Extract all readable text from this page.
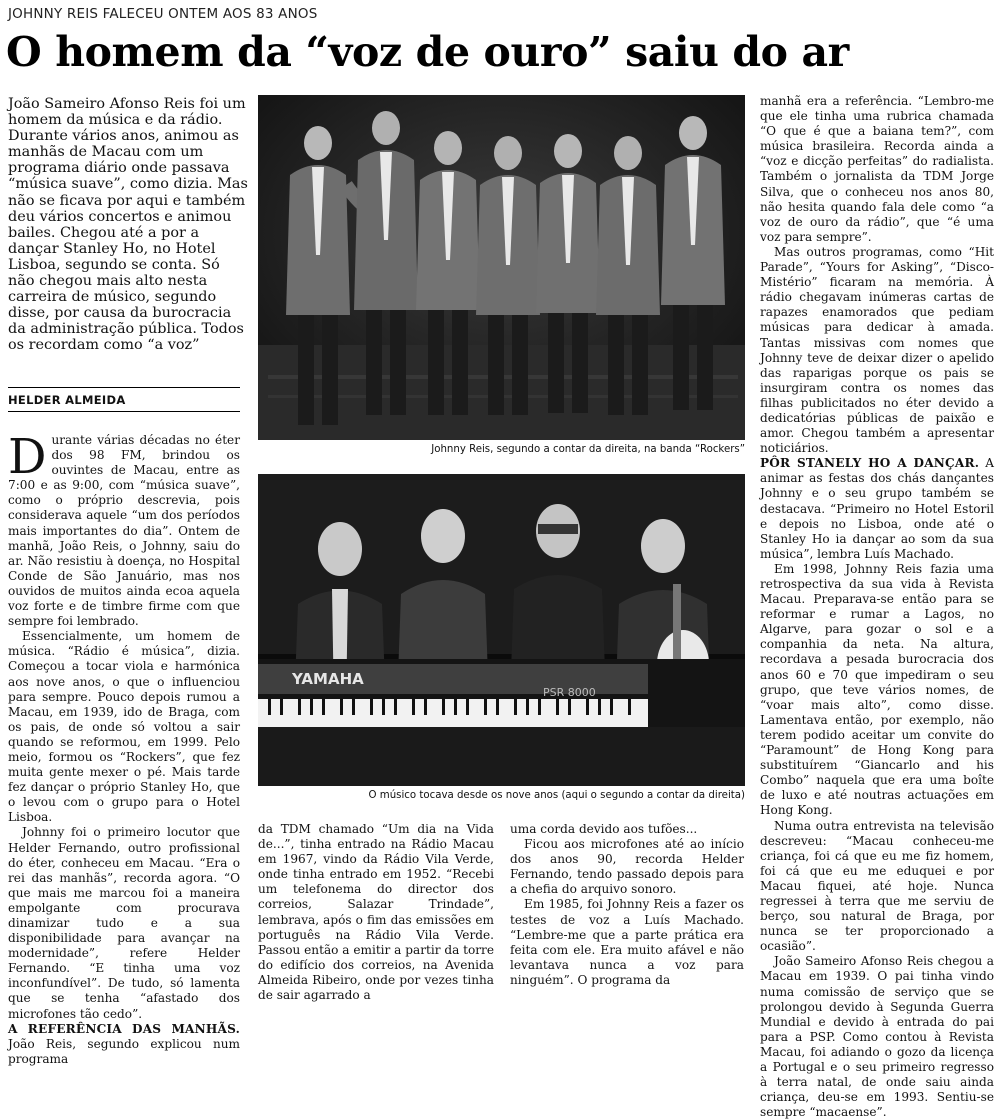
JOHNNY REIS FALECEU ONTEM AOS 83 ANOS
O homem da “voz de ouro” saiu do ar
João Sameiro Afonso Reis foi um homem da música e da rádio. Durante vários anos, animou as manhãs de Macau com um programa diário onde passava “música suave”, como dizia. Mas não se ficava por aqui e também deu vários concertos e animou bailes. Chegou até a por a dançar Stanley Ho, no Hotel Lisboa, segundo se conta. Só não chegou mais alto nesta carreira de músico, segundo disse, por causa da burocracia da administração pública. Todos os recordam como “a voz”
HELDER ALMEIDA

Durante várias décadas no éter dos 98 FM, brindou os ouvintes de Macau, entre as 7:00 e as 9:00, com “música suave”, como o próprio descrevia, pois considerava aquele “um dos períodos mais importantes do dia”. Ontem de manhã, João Reis, o Johnny, saiu do ar. Não resistiu à doença, no Hospital Conde de São Januário, mas nos ouvidos de muitos ainda ecoa aquela voz forte e de timbre firme com que sempre foi lembrado.

Essencialmente, um homem de música. “Rádio é música”, dizia. Começou a tocar viola e harmónica aos nove anos, o que o influenciou para sempre. Pouco depois rumou a Macau, em 1939, ido de Braga, com os pais, de onde só voltou a sair quando se reformou, em 1999. Pelo meio, formou os “Rockers”, que fez muita gente mexer o pé. Mais tarde fez dançar o próprio Stanley Ho, que o levou com o grupo para o Hotel Lisboa.

Johnny foi o primeiro locutor que Helder Fernando, outro profissional do éter, conheceu em Macau. “Era o rei das manhãs”, recorda agora. “O que mais me marcou foi a maneira empolgante com procurava dinamizar tudo e a sua disponibilidade para avançar na modernidade”, refere Helder Fernando. “E tinha uma voz inconfundível”. De tudo, só lamenta que se tenha “afastado dos microfones tão cedo”.

A REFERÊNCIA DAS MANHÃS. João Reis, segundo explicou num programa

Johnny Reis, segundo a contar da direita, na banda “Rockers”
YAMAHA
PSR 8000
O músico tocava desde os nove anos (aqui o segundo a contar da direita)

da TDM chamado “Um dia na Vida de...”, tinha entrado na Rádio Macau em 1967, vindo da Rádio Vila Verde, onde tinha entrado em 1952. “Recebi um telefonema do director dos correios, Salazar Trindade”, lembrava, após o fim das emissões em português na Rádio Vila Verde. Passou então a emitir a partir da torre do edifício dos correios, na Avenida Almeida Ribeiro, onde por vezes tinha de sair agarrado a

uma corda devido aos tufões...

Ficou aos microfones até ao início dos anos 90, recorda Helder Fernando, tendo passado depois para a chefia do arquivo sonoro.

Em 1985, foi Johnny Reis a fazer os testes de voz a Luís Machado. “Lembre-me que a parte prática era feita com ele. Era muito afável e não levantava nunca a voz para ninguém”. O programa da

manhã era a referência. “Lembro-me que ele tinha uma rubrica chamada “O que é que a baiana tem?”, com música brasileira. Recorda ainda a “voz e dicção perfeitas” do radialista. Também o jornalista da TDM Jorge Silva, que o conheceu nos anos 80, não hesita quando fala dele como “a voz de ouro da rádio”, que “é uma voz para sempre”.

Mas outros programas, como “Hit Parade”, “Yours for Asking”, “Disco-Mistério” ficaram na memória. À rádio chegavam inúmeras cartas de rapazes enamorados que pediam músicas para dedicar à amada. Tantas missivas com nomes que Johnny teve de deixar dizer o apelido das raparigas porque os pais se insurgiram contra os nomes das filhas publicitados no éter devido a dedicatórias públicas de paixão e amor. Chegou também a apresentar noticiários.

PÔR STANELY HO A DANÇAR. A animar as festas dos chás dançantes Johnny e o seu grupo também se destacava. “Primeiro no Hotel Estoril e depois no Lisboa, onde até o Stanley Ho ia dançar ao som da sua música”, lembra Luís Machado.

Em 1998, Johnny Reis fazia uma retrospectiva da sua vida à Revista Macau. Preparava-se então para se reformar e rumar a Lagos, no Algarve, para gozar o sol e a companhia da neta. Na altura, recordava a pesada burocracia dos anos 60 e 70 que impediram o seu grupo, que teve vários nomes, de “voar mais alto”, como disse. Lamentava então, por exemplo, não terem podido aceitar um convite do “Paramount” de Hong Kong para substituírem “Giancarlo and his Combo” naquela que era uma boîte de luxo e até noutras actuações em Hong Kong.

Numa outra entrevista na televisão descreveu: “Macau conheceu-me criança, foi cá que eu me fiz homem, foi cá que eu me eduquei e por Macau fiquei, até hoje. Nunca regressei à terra que me serviu de berço, sou natural de Braga, por nunca se ter proporcionado a ocasião”.

João Sameiro Afonso Reis chegou a Macau em 1939. O pai tinha vindo numa comissão de serviço que se prolongou devido à Segunda Guerra Mundial e devido à entrada do pai para a PSP. Como contou à Revista Macau, foi adiando o gozo da licença a Portugal e o seu primeiro regresso à terra natal, de onde saiu ainda criança, deu-se em 1993. Sentiu-se sempre “macaense”.
